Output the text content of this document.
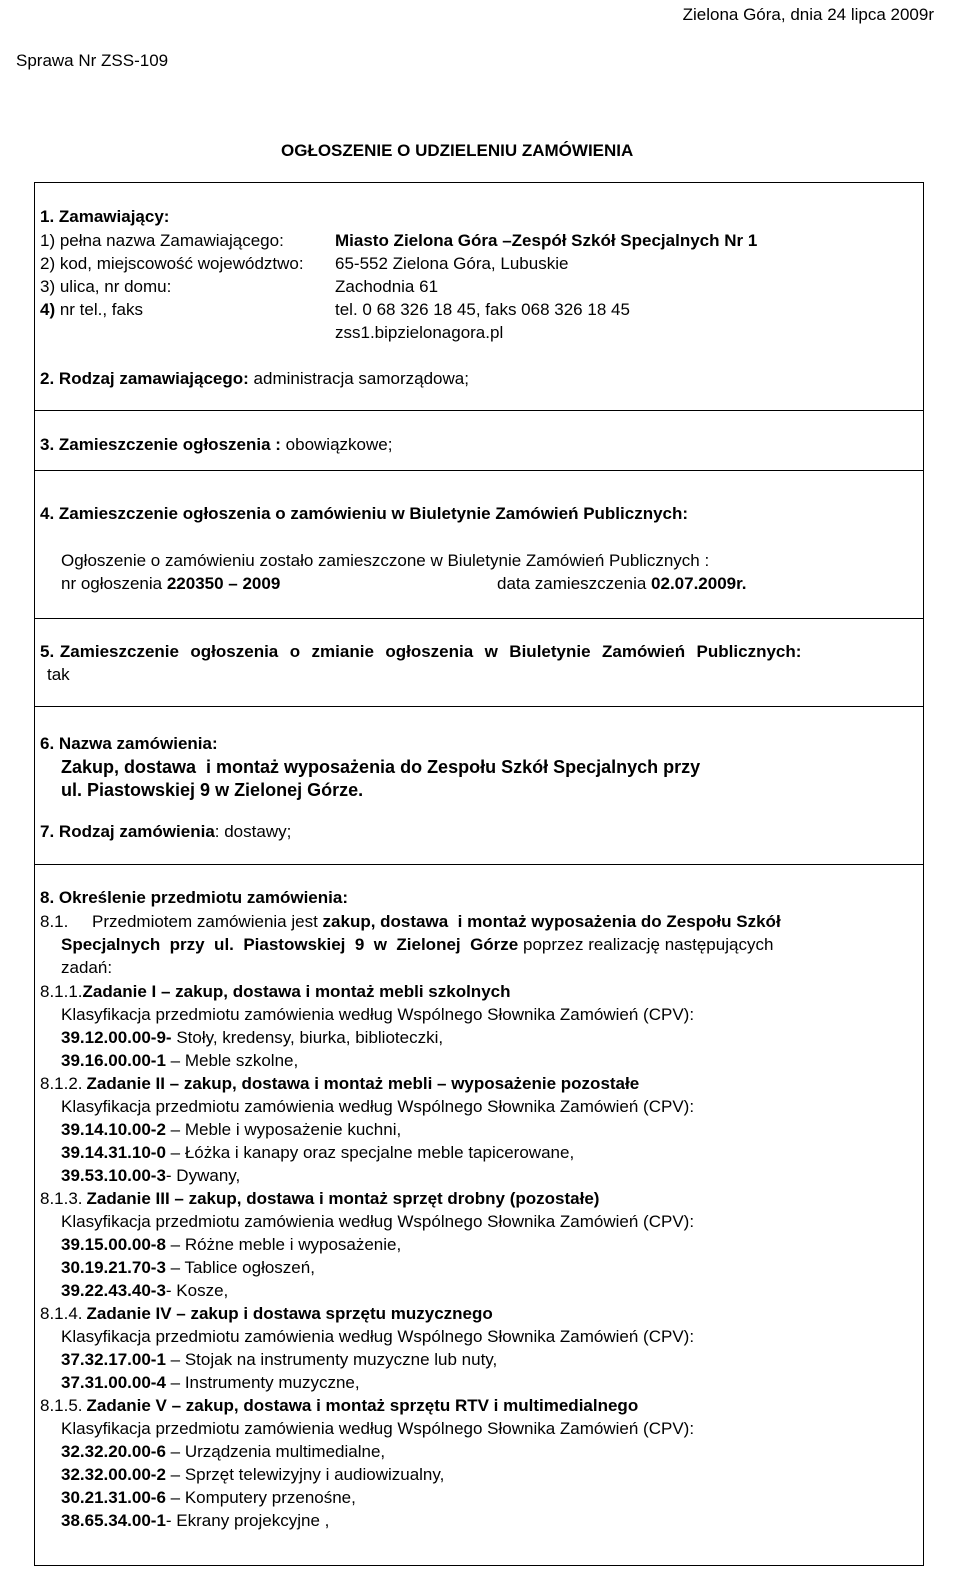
Zielona Góra, dnia 24 lipca 2009r
Sprawa Nr ZSS-109
OGŁOSZENIE O UDZIELENIU ZAMÓWIENIA
1. Zamawiający:
1) pełna nazwa Zamawiającego:	Miasto Zielona Góra –Zespół Szkół Specjalnych Nr 1
2) kod, miejscowość województwo: 65-552 Zielona Góra, Lubuskie
3) ulica, nr domu:	Zachodnia 61
4) nr tel., faks	tel. 0 68 326 18 45, faks 068 326 18 45
zss1.bipzielonagora.pl
2. Rodzaj zamawiającego: administracja samorządowa;
3. Zamieszczenie ogłoszenia : obowiązkowe;
4. Zamieszczenie ogłoszenia o zamówieniu w Biuletynie Zamówień Publicznych:
Ogłoszenie o zamówieniu zostało zamieszczone w Biuletynie Zamówień Publicznych :
nr ogłoszenia 220350 – 2009	data zamieszczenia 02.07.2009r.
5. Zamieszczenie  ogłoszenia  o  zmianie  ogłoszenia  w  Biuletynie  Zamówień  Publicznych:
tak
6. Nazwa zamówienia:
Zakup, dostawa  i montaż wyposażenia do Zespołu Szkół Specjalnych przy
ul. Piastowskiej 9 w Zielonej Górze.
7. Rodzaj zamówienia: dostawy;
8. Określenie przedmiotu zamówienia:
8.1. Przedmiotem zamówienia jest zakup, dostawa  i montaż wyposażenia do Zespołu Szkół
Specjalnych  przy  ul.  Piastowskiej  9  w  Zielonej  Górze poprzez realizację następujących
zadań:
8.1.1.Zadanie I – zakup, dostawa i montaż mebli szkolnych
Klasyfikacja przedmiotu zamówienia według Wspólnego Słownika Zamówień (CPV):
39.12.00.00-9- Stoły, kredensy, biurka, biblioteczki,
39.16.00.00-1 – Meble szkolne,
8.1.2. Zadanie II – zakup, dostawa i montaż mebli – wyposażenie pozostałe
Klasyfikacja przedmiotu zamówienia według Wspólnego Słownika Zamówień (CPV):
39.14.10.00-2 – Meble i wyposażenie kuchni,
39.14.31.10-0 – Łóżka i kanapy oraz specjalne meble tapicerowane,
39.53.10.00-3- Dywany,
8.1.3. Zadanie III – zakup, dostawa i montaż sprzęt drobny (pozostałe)
Klasyfikacja przedmiotu zamówienia według Wspólnego Słownika Zamówień (CPV):
39.15.00.00-8 – Różne meble i wyposażenie,
30.19.21.70-3 – Tablice ogłoszeń,
39.22.43.40-3- Kosze,
8.1.4. Zadanie IV – zakup i dostawa sprzętu muzycznego
Klasyfikacja przedmiotu zamówienia według Wspólnego Słownika Zamówień (CPV):
37.32.17.00-1 – Stojak na instrumenty muzyczne lub nuty,
37.31.00.00-4 – Instrumenty muzyczne,
8.1.5. Zadanie V – zakup, dostawa i montaż sprzętu RTV i multimedialnego
Klasyfikacja przedmiotu zamówienia według Wspólnego Słownika Zamówień (CPV):
32.32.20.00-6 – Urządzenia multimedialne,
32.32.00.00-2 – Sprzęt telewizyjny i audiowizualny,
30.21.31.00-6 – Komputery przenośne,
38.65.34.00-1- Ekrany projekcyjne ,
